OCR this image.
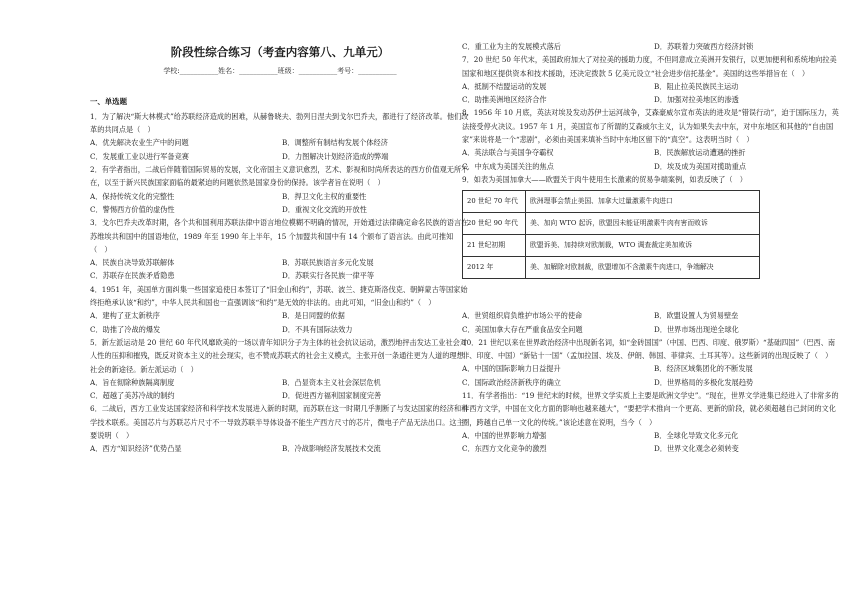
阶段性综合练习（考查内容第八、九单元）
学校:___________姓名：___________班级：___________考号：___________
一、单选题
1．为了解决“斯大林模式”给苏联经济造成的困难，从赫鲁晓夫、勃列日涅夫到戈尔巴乔夫，都进行了经济改革。他们改革的共同点是（　）
A．优先解决农业生产中的问题	B．调整所有制结构发展个体经济
C．发展重工业以进行军备竞赛	D．力图解决计划经济造成的弊端
2．有学者指出，二战后伴随着国际贸易的发展，文化帝国主义意识愈烈，艺术、影视和时尚所表达的西方价值观无所不在，以至于新兴民族国家面临的最紧迫的问题依然是国家身份的保持。该学者旨在说明（　）
A．保持传统文化的完整性	B．捍卫文化主权的重要性
C．警惕西方价值的虚伪性	D．重视文化交流的开放性
3．戈尔巴乔夫改革时期，各个共和国利用苏联法律中语言地位模糊不明确的情况，开始通过法律确定命名民族的语言在苏维埃共和国中的国语地位，1989 年至 1990 年上半年，15 个加盟共和国中有 14 个颁布了语言法。由此可推知（　）
A．民族自决导致苏联解体	B．苏联民族语言多元化发展
C．苏联存在民族矛盾隐患	D．苏联实行各民族一律平等
4．1951 年，美国单方面纠集一些国家追使日本签订了“旧金山和约”，苏联、波兰、捷克斯洛伐克、朝鲜蒙古等国家始终拒绝承认该“和约”，中华人民共和国也一直强调该“和约”是无效的非法的。由此可知，“旧金山和约”（　）
A．建构了亚太新秩序	B．是日同盟的依据
C．助推了冷战的爆发	D．不具有国际法效力
5．新左派运动是 20 世纪 60 年代风靡欧美的一场以青年知识分子为主体的社会抗议运动，激烈地抨击发达工业社会对人性的压抑和摧残，既反对资本主义的社会现实，也不赞成苏联式的社会主义模式，主张开创一条通往更为人道的理想社会的新途径。新左派运动（　）
A．旨在彻除种族隔离制度	B．凸显资本主义社会深层危机
C．超越了美苏冷战的制约	D．促进西方福利国家制度完善
6．二战后，西方工业发达国家经济和科学技术发展进入新的时期，而苏联在这一时期几乎割断了与发达国家的经济和科学技术联系。美国芯片与苏联芯片尺寸不一导致苏联半导体设备不能生产西方尺寸的芯片，微电子产品无法出口。这主要说明（　）
A．西方“知识经济”优势凸显	B．冷战影响经济发展技术交流
C．重工业为主的发展模式落后	D．苏联着力突破西方经济封锁
7．20 世纪 50 年代末，美国政府加大了对拉美的援助力度，不但同意成立美洲开发银行，以更加便利和系统地向拉美国家和地区提供资本和技术援助，还决定拨款 5 亿美元设立“社会进步信托基金”。美国的这些举措旨在（　）
A．抵制不结盟运动的发展	B．阻止拉美民族民主运动
C．助推美洲地区经济合作	D．加强对拉美地区的渗透
8．1956 年 10 月底，英法对埃及发动苏伊士运河战争，艾森豪威尔宣布英法的进攻是“错误行动”，迫于国际压力，英法接受停火决议。1957 年 1 月，美国宣布了所谓的艾森威尔主义，认为如果失去中东，对中东地区和其他的“自由国家”来说将是一个“悲剧”，必须由美国来填补当时中东地区留下的“真空”。这表明当时（　）
A．英法联合与美国争夺霸权	B．民族解放运动遭遇的挫折
C．中东成为美国关注的焦点	D．埃及成为美国对揽助重点
9．如表为美国加拿大——欧盟关于肉牛使用生长激素的贸易争端案例，如表反映了（　）
20 世纪 70 年代	欧洲理事会禁止美国、加拿大过量激素牛肉进口
20 世纪 90 年代	美、加向 WTO 起诉，欧盟因未能证明激素牛肉有害而败诉
21 世纪初期	欧盟诉美、加持续对欧制裁，WTO 调查裁定美加败诉
2012 年	美、加解除对欧制裁，欧盟增加不含激素牛肉进口，争端解决
A．世贸组织肩负维护市场公平的使命	B．欧盟设置人为贸易壁垒
C．美国加拿大存在严重食品安全问题	D．世界市场出现逆全球化
10．21 世纪以来在世界政治经济中出现新名词，如“金砖国国”（中国、巴西、印度、俄罗斯）“基础四国”（巴西、南非、印度、中国）“新钻十一国”（孟加拉国、埃及、伊朗、韩国、菲律宾、土耳其等）。这些新词的出现反映了（　）
A．中国的国际影响力日益提升	B．经济区域集团化的不断发展
C．国际政治经济新秩序的确立	D．世界格局的多极化发展趋势
11．有学者指出：“19 世纪末的时候，世界文学实质上主要是欧洲文学史”。“现在，世界文学进集已经进入了非常多的非西方文学，中国在文化方面的影响也越来越大”，“要把学术推向一个更高、更新的阶段，就必须超越自己封闭的文化圈，跨越自己单一文化的传统。”该论述意在说明，当今（　）
A．中国的世界影响力增强	B．全球化导致文化多元化
C．东西方文化竞争的激烈	D．世界文化观念必须转变
